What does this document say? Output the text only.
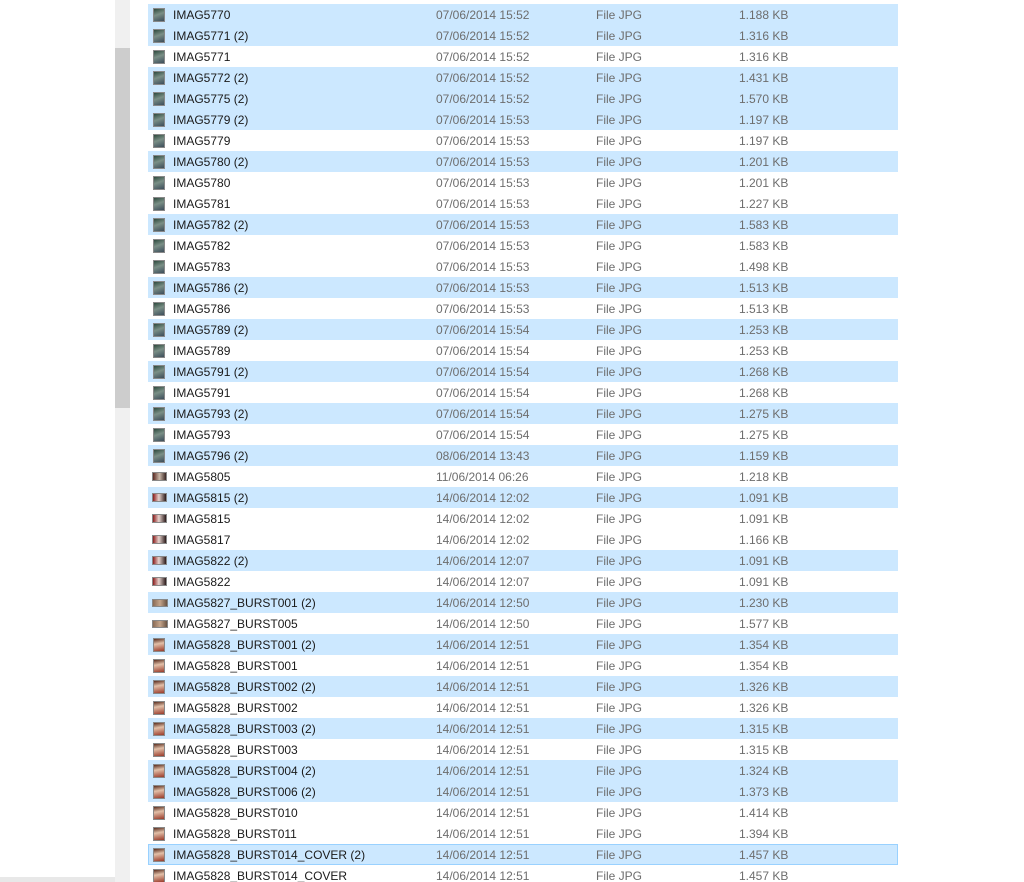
IMAG5770	07/06/2014 15:52	File JPG	1.188 KB
IMAG5771 (2)	07/06/2014 15:52	File JPG	1.316 KB
IMAG5771	07/06/2014 15:52	File JPG	1.316 KB
IMAG5772 (2)	07/06/2014 15:52	File JPG	1.431 KB
IMAG5775 (2)	07/06/2014 15:52	File JPG	1.570 KB
IMAG5779 (2)	07/06/2014 15:53	File JPG	1.197 KB
IMAG5779	07/06/2014 15:53	File JPG	1.197 KB
IMAG5780 (2)	07/06/2014 15:53	File JPG	1.201 KB
IMAG5780	07/06/2014 15:53	File JPG	1.201 KB
IMAG5781	07/06/2014 15:53	File JPG	1.227 KB
IMAG5782 (2)	07/06/2014 15:53	File JPG	1.583 KB
IMAG5782	07/06/2014 15:53	File JPG	1.583 KB
IMAG5783	07/06/2014 15:53	File JPG	1.498 KB
IMAG5786 (2)	07/06/2014 15:53	File JPG	1.513 KB
IMAG5786	07/06/2014 15:53	File JPG	1.513 KB
IMAG5789 (2)	07/06/2014 15:54	File JPG	1.253 KB
IMAG5789	07/06/2014 15:54	File JPG	1.253 KB
IMAG5791 (2)	07/06/2014 15:54	File JPG	1.268 KB
IMAG5791	07/06/2014 15:54	File JPG	1.268 KB
IMAG5793 (2)	07/06/2014 15:54	File JPG	1.275 KB
IMAG5793	07/06/2014 15:54	File JPG	1.275 KB
IMAG5796 (2)	08/06/2014 13:43	File JPG	1.159 KB
IMAG5805	11/06/2014 06:26	File JPG	1.218 KB
IMAG5815 (2)	14/06/2014 12:02	File JPG	1.091 KB
IMAG5815	14/06/2014 12:02	File JPG	1.091 KB
IMAG5817	14/06/2014 12:02	File JPG	1.166 KB
IMAG5822 (2)	14/06/2014 12:07	File JPG	1.091 KB
IMAG5822	14/06/2014 12:07	File JPG	1.091 KB
IMAG5827_BURST001 (2)	14/06/2014 12:50	File JPG	1.230 KB
IMAG5827_BURST005	14/06/2014 12:50	File JPG	1.577 KB
IMAG5828_BURST001 (2)	14/06/2014 12:51	File JPG	1.354 KB
IMAG5828_BURST001	14/06/2014 12:51	File JPG	1.354 KB
IMAG5828_BURST002 (2)	14/06/2014 12:51	File JPG	1.326 KB
IMAG5828_BURST002	14/06/2014 12:51	File JPG	1.326 KB
IMAG5828_BURST003 (2)	14/06/2014 12:51	File JPG	1.315 KB
IMAG5828_BURST003	14/06/2014 12:51	File JPG	1.315 KB
IMAG5828_BURST004 (2)	14/06/2014 12:51	File JPG	1.324 KB
IMAG5828_BURST006 (2)	14/06/2014 12:51	File JPG	1.373 KB
IMAG5828_BURST010	14/06/2014 12:51	File JPG	1.414 KB
IMAG5828_BURST011	14/06/2014 12:51	File JPG	1.394 KB
IMAG5828_BURST014_COVER (2)	14/06/2014 12:51	File JPG	1.457 KB
IMAG5828_BURST014_COVER	14/06/2014 12:51	File JPG	1.457 KB
